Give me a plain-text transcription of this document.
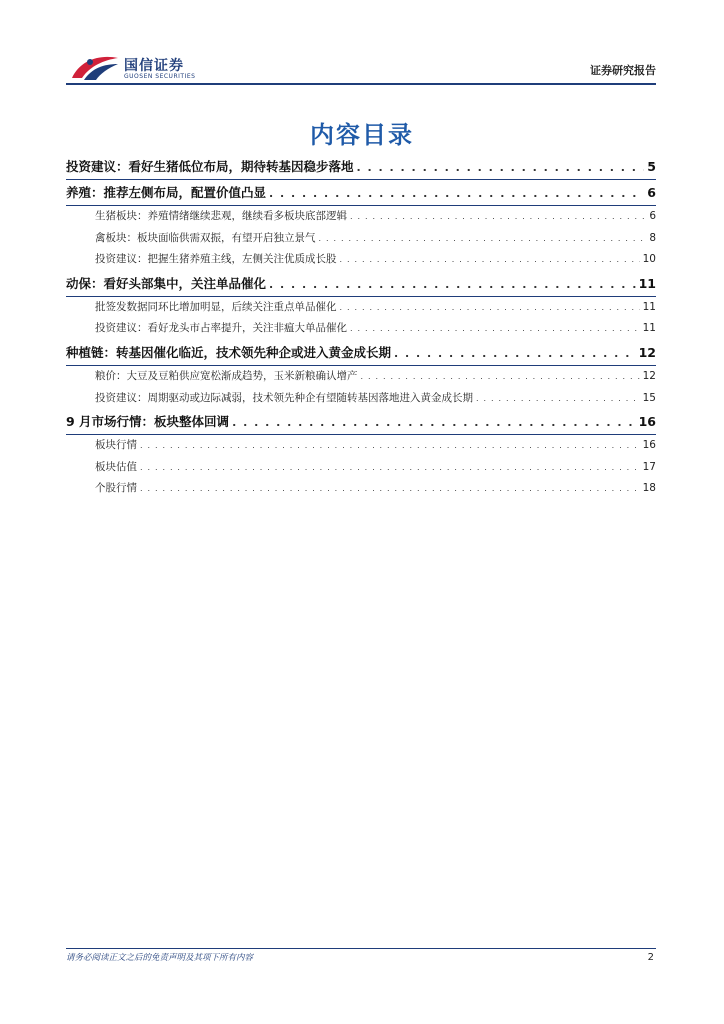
国信证券
GUOSEN SECURITIES	证券研究报告
内容目录
投资建议：看好生猪低位布局，期待转基因稳步落地 . . .	5
养殖：推荐左侧布局，配置价值凸显 . . .	6
生猪板块：养殖情绪继续悲观，继续看多板块底部逻辑 . . .	6
禽板块：板块面临供需双振，有望开启独立景气 . . .	8
投资建议：把握生猪养殖主线，左侧关注优质成长股 . . .	10
动保：看好头部集中，关注单品催化 . . .	11
批签发数据同环比增加明显，后续关注重点单品催化 . . .	11
投资建议：看好龙头市占率提升，关注非瘟大单品催化 . . .	11
种植链：转基因催化临近，技术领先种企或进入黄金成长期 . . .	12
粮价：大豆及豆粕供应宽松渐成趋势，玉米新粮确认增产 . . .	12
投资建议：周期驱动或边际减弱，技术领先种企有望随转基因落地进入黄金成长期 . . .	15
9 月市场行情：板块整体回调 . . .	16
板块行情 . . .	16
板块估值 . . .	17
个股行情 . . .	18
请务必阅读正文之后的免责声明及其项下所有内容	2
